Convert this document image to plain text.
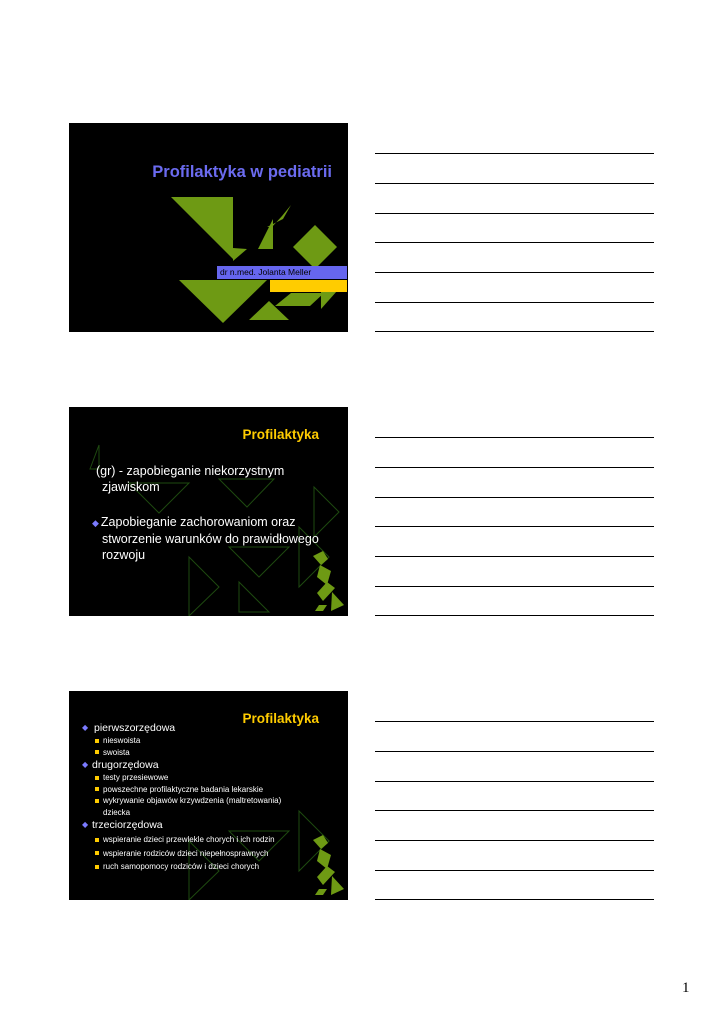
Profilaktyka w pediatrii
dr n.med. Jolanta Meller
Profilaktyka
(gr) - zapobieganie niekorzystnym
zjawiskom
◆ Zapobieganie zachorowaniom oraz
stworzenie warunków do prawidłowego
rozwoju
Profilaktyka
◆ pierwszorzędowa
nieswoista
swoista
◆ drugorzędowa
testy przesiewowe
powszechne profilaktyczne badania lekarskie
wykrywanie objawów krzywdzenia (maltretowania)
dziecka
◆ trzeciorzędowa
wspieranie dzieci przewlekle chorych i ich rodzin
wspieranie rodziców dzieci niepełnosprawnych
ruch samopomocy rodziców i dzieci chorych
1
